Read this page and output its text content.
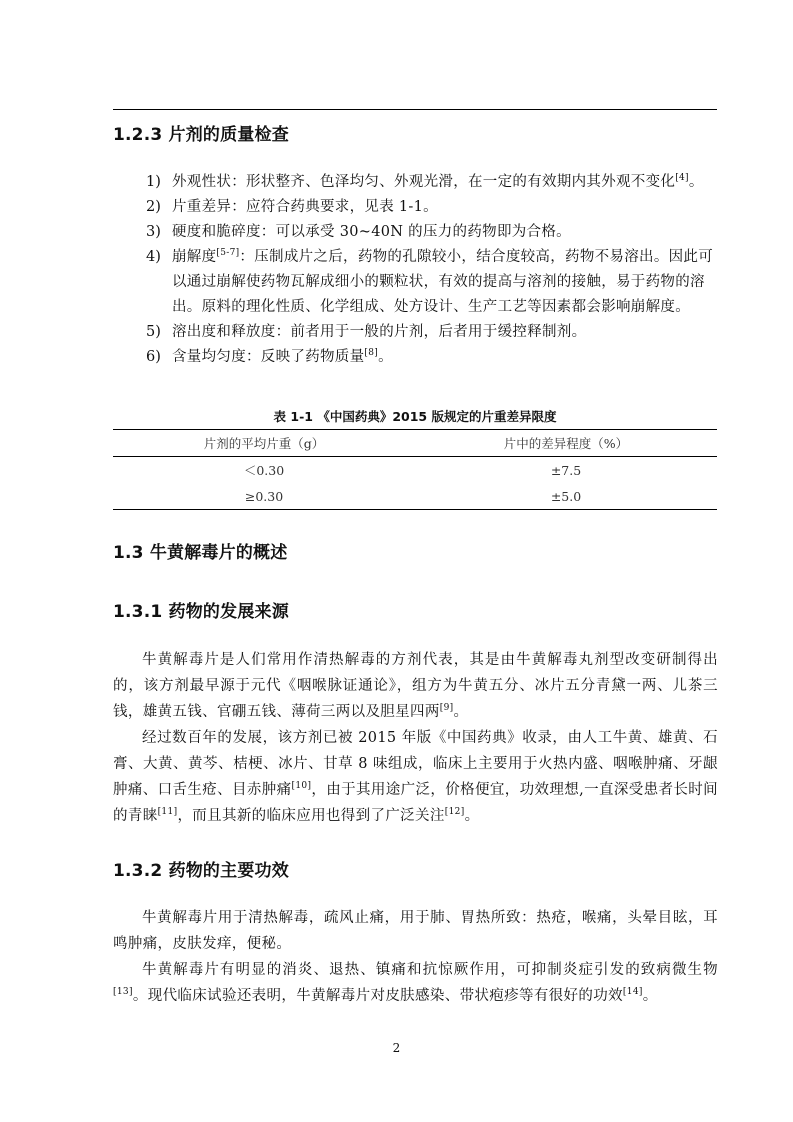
1.2.3 片剂的质量检查
1) 外观性状：形状整齐、色泽均匀、外观光滑，在一定的有效期内其外观不变化[4]。
2) 片重差异：应符合药典要求，见表 1-1。
3) 硬度和脆碎度：可以承受 30~40N 的压力的药物即为合格。
4) 崩解度[5-7]：压制成片之后，药物的孔隙较小，结合度较高，药物不易溶出。因此可以通过崩解使药物瓦解成细小的颗粒状，有效的提高与溶剂的接触，易于药物的溶出。原料的理化性质、化学组成、处方设计、生产工艺等因素都会影响崩解度。
5) 溶出度和释放度：前者用于一般的片剂，后者用于缓控释制剂。
6) 含量均匀度：反映了药物质量[8]。
表 1-1 《中国药典》2015 版规定的片重差异限度
片剂的平均片重（g）	片中的差异程度（%）
＜0.30	±7.5
≥0.30	±5.0
1.3 牛黄解毒片的概述
1.3.1 药物的发展来源
牛黄解毒片是人们常用作清热解毒的方剂代表，其是由牛黄解毒丸剂型改变研制得出的，该方剂最早源于元代《咽喉脉证通论》，组方为牛黄五分、冰片五分青黛一两、儿茶三钱，雄黄五钱、官硼五钱、薄荷三两以及胆星四两[9]。
经过数百年的发展，该方剂已被 2015 年版《中国药典》收录，由人工牛黄、雄黄、石膏、大黄、黄芩、桔梗、冰片、甘草 8 味组成，临床上主要用于火热内盛、咽喉肿痛、牙龈肿痛、口舌生疮、目赤肿痛[10]，由于其用途广泛，价格便宜，功效理想,一直深受患者长时间的青睐[11]，而且其新的临床应用也得到了广泛关注[12]。
1.3.2 药物的主要功效
牛黄解毒片用于清热解毒，疏风止痛，用于肺、胃热所致：热疮，喉痛，头晕目眩，耳鸣肿痛，皮肤发痒，便秘。
牛黄解毒片有明显的消炎、退热、镇痛和抗惊厥作用，可抑制炎症引发的致病微生物[13]。现代临床试验还表明，牛黄解毒片对皮肤感染、带状疱疹等有很好的功效[14]。
2
